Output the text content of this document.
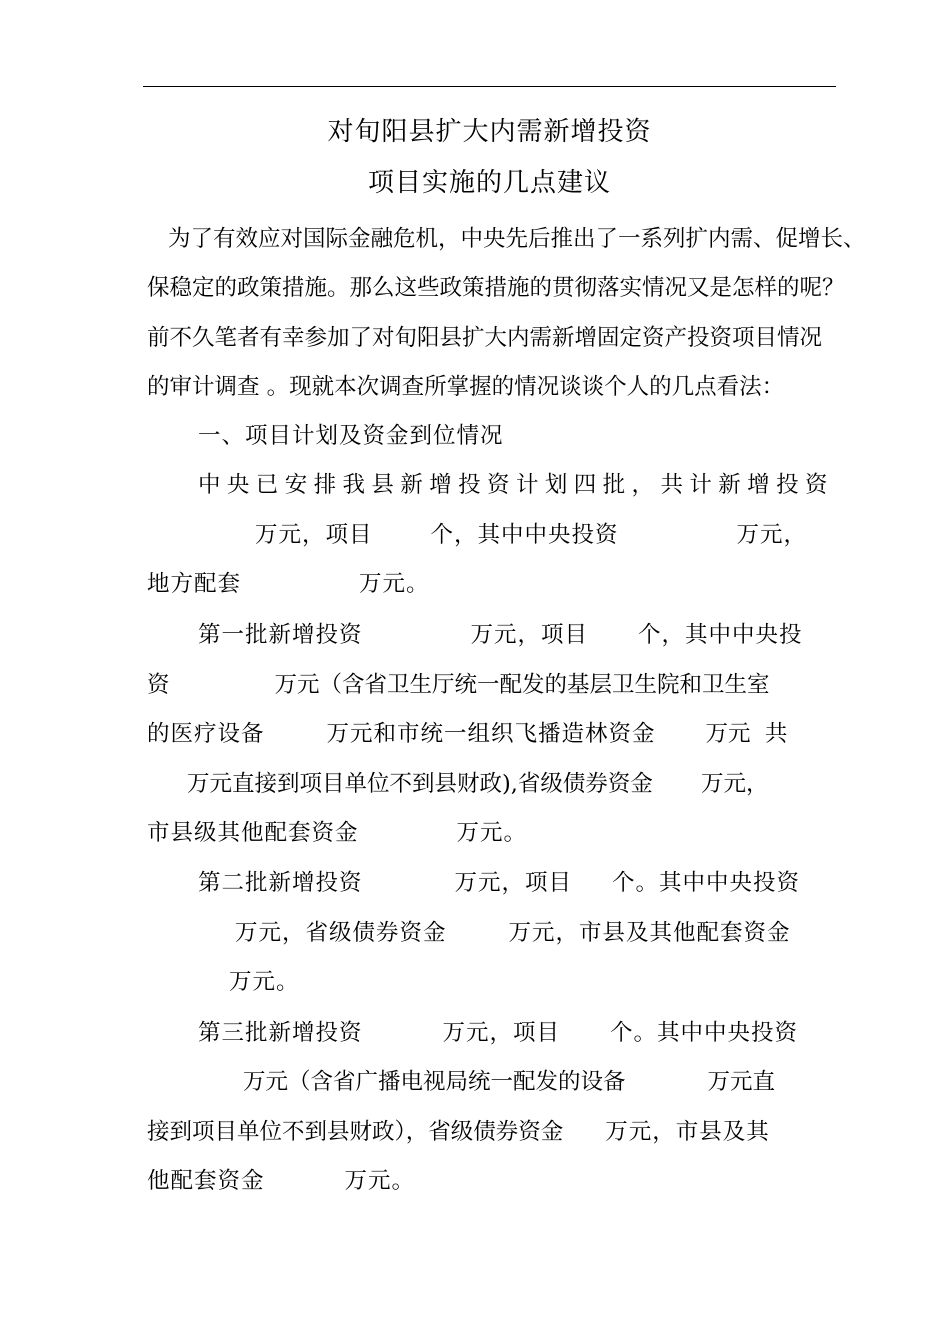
对旬阳县扩大内需新增投资
项目实施的几点建议
为了有效应对国际金融危机，中央先后推出了一系列扩内需、促增长、
保稳定的政策措施。那么这些政策措施的贯彻落实情况又是怎样的呢？
前不久笔者有幸参加了对旬阳县扩大内需新增固定资产投资项目情况
的审计调查 。现就本次调查所掌握的情况谈谈个人的几点看法：
一、项目计划及资金到位情况
中央已安排我县新增投资计划四批，共计新增投资
万元，项目	个，其中中央投资	万元，
地方配套	万元。
第一批新增投资	万元，项目 个，其中中央投
资	万元（含省卫生厅统一配发的基层卫生院和卫生室
的医疗设备	万元和市统一组织飞播造林资金 万元  共
万元直接到项目单位不到县财政),省级债券资金 万元，
市县级其他配套资金	万元。
第二批新增投资	万元，项目 个。其中中央投资
万元，省级债券资金	万元，市县及其他配套资金
万元。
第三批新增投资	万元，项目 个。其中中央投资
万元（含省广播电视局统一配发的设备	万元直
接到项目单位不到县财政），省级债券资金 万元，市县及其
他配套资金	万元。
